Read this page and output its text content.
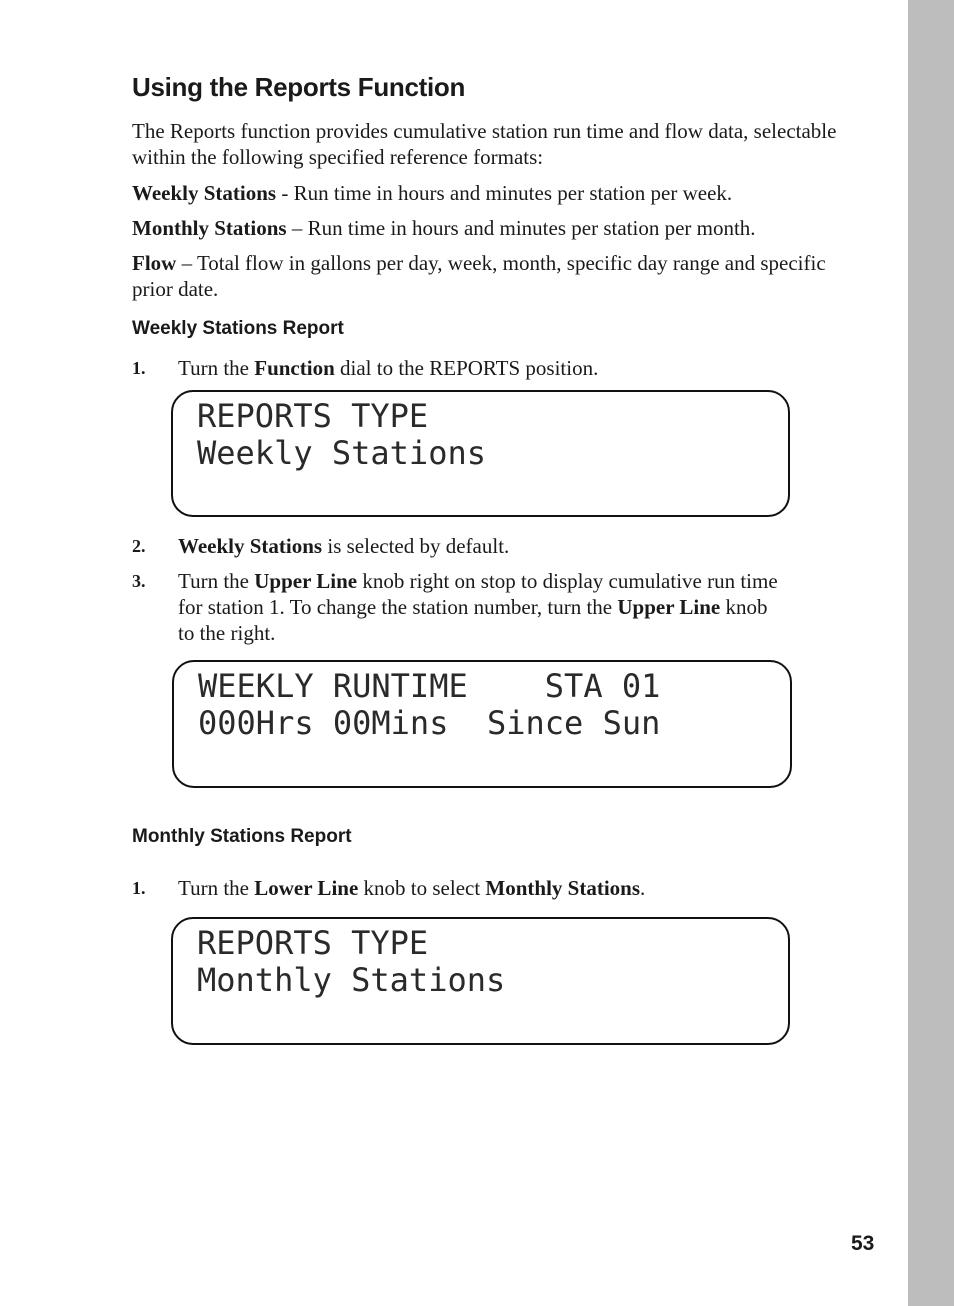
Using the Reports Function

The Reports function provides cumulative station run time and flow data, selectable within the following specified reference formats:

Weekly Stations - Run time in hours and minutes per station per week.

Monthly Stations – Run time in hours and minutes per station per month.

Flow – Total flow in gallons per day, week, month, specific day range and specific prior date.

Weekly Stations Report
1. Turn the Function dial to the REPORTS position.
REPORTS TYPE
Weekly Stations
2. Weekly Stations is selected by default.
3. Turn the Upper Line knob right on stop to display cumulative run time for station 1. To change the station number, turn the Upper Line knob to the right.
WEEKLY RUNTIME    STA 01
000Hrs 00Mins  Since Sun
Monthly Stations Report
1. Turn the Lower Line knob to select Monthly Stations.
REPORTS TYPE
Monthly Stations
53
